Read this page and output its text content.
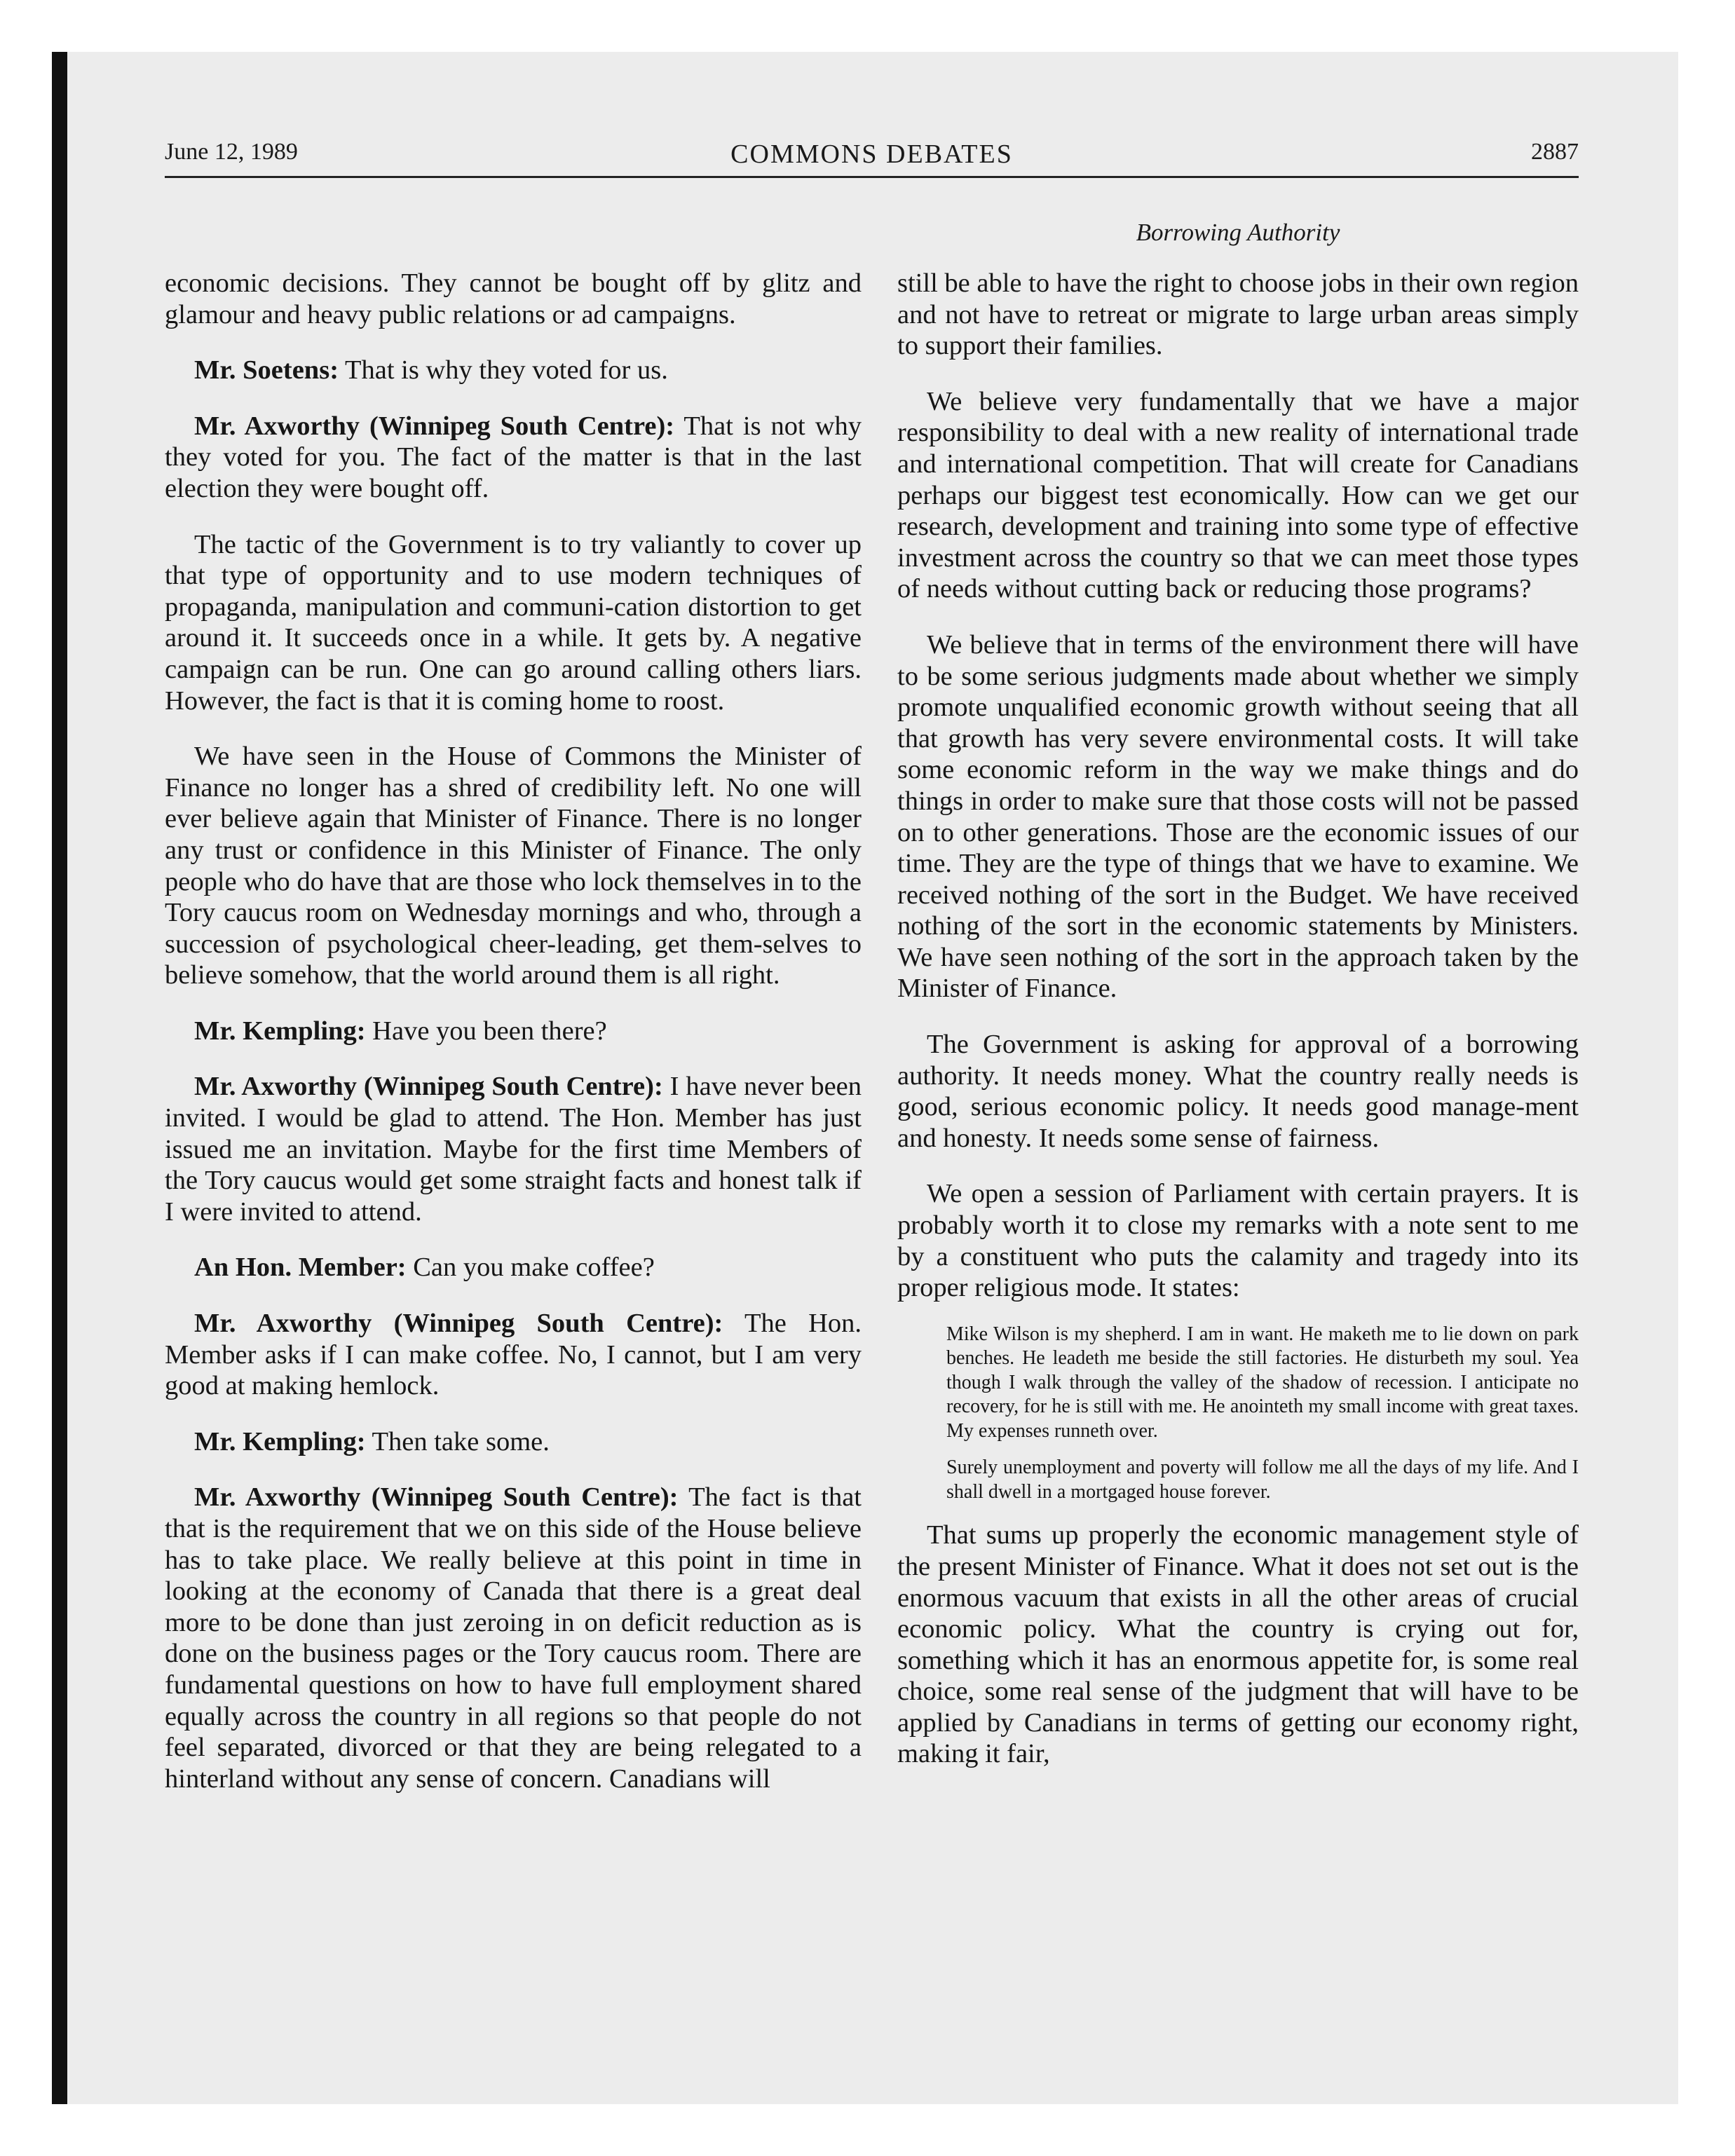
June 12, 1989	COMMONS DEBATES	2887
Borrowing Authority

economic decisions. They cannot be bought off by glitz and glamour and heavy public relations or ad campaigns.

Mr. Soetens: That is why they voted for us.

Mr. Axworthy (Winnipeg South Centre): That is not why they voted for you. The fact of the matter is that in the last election they were bought off.

The tactic of the Government is to try valiantly to cover up that type of opportunity and to use modern techniques of propaganda, manipulation and communi-cation distortion to get around it. It succeeds once in a while. It gets by. A negative campaign can be run. One can go around calling others liars. However, the fact is that it is coming home to roost.

We have seen in the House of Commons the Minister of Finance no longer has a shred of credibility left. No one will ever believe again that Minister of Finance. There is no longer any trust or confidence in this Minister of Finance. The only people who do have that are those who lock themselves in to the Tory caucus room on Wednesday mornings and who, through a succession of psychological cheer-leading, get them-selves to believe somehow, that the world around them is all right.

Mr. Kempling: Have you been there?

Mr. Axworthy (Winnipeg South Centre): I have never been invited. I would be glad to attend. The Hon. Member has just issued me an invitation. Maybe for the first time Members of the Tory caucus would get some straight facts and honest talk if I were invited to attend.

An Hon. Member: Can you make coffee?

Mr. Axworthy (Winnipeg South Centre): The Hon. Member asks if I can make coffee. No, I cannot, but I am very good at making hemlock.

Mr. Kempling: Then take some.

Mr. Axworthy (Winnipeg South Centre): The fact is that that is the requirement that we on this side of the House believe has to take place. We really believe at this point in time in looking at the economy of Canada that there is a great deal more to be done than just zeroing in on deficit reduction as is done on the business pages or the Tory caucus room. There are fundamental questions on how to have full employment shared equally across the country in all regions so that people do not feel separated, divorced or that they are being relegated to a hinterland without any sense of concern. Canadians will

still be able to have the right to choose jobs in their own region and not have to retreat or migrate to large urban areas simply to support their families.

We believe very fundamentally that we have a major responsibility to deal with a new reality of international trade and international competition. That will create for Canadians perhaps our biggest test economically. How can we get our research, development and training into some type of effective investment across the country so that we can meet those types of needs without cutting back or reducing those programs?

We believe that in terms of the environment there will have to be some serious judgments made about whether we simply promote unqualified economic growth without seeing that all that growth has very severe environmental costs. It will take some economic reform in the way we make things and do things in order to make sure that those costs will not be passed on to other generations. Those are the economic issues of our time. They are the type of things that we have to examine. We received nothing of the sort in the Budget. We have received nothing of the sort in the economic statements by Ministers. We have seen nothing of the sort in the approach taken by the Minister of Finance.

The Government is asking for approval of a borrowing authority. It needs money. What the country really needs is good, serious economic policy. It needs good manage-ment and honesty. It needs some sense of fairness.

We open a session of Parliament with certain prayers. It is probably worth it to close my remarks with a note sent to me by a constituent who puts the calamity and tragedy into its proper religious mode. It states:

Mike Wilson is my shepherd. I am in want. He maketh me to lie down on park benches. He leadeth me beside the still factories. He disturbeth my soul. Yea though I walk through the valley of the shadow of recession. I anticipate no recovery, for he is still with me. He anointeth my small income with great taxes. My expenses runneth over.

Surely unemployment and poverty will follow me all the days of my life. And I shall dwell in a mortgaged house forever.

That sums up properly the economic management style of the present Minister of Finance. What it does not set out is the enormous vacuum that exists in all the other areas of crucial economic policy. What the country is crying out for, something which it has an enormous appetite for, is some real choice, some real sense of the judgment that will have to be applied by Canadians in terms of getting our economy right, making it fair,
